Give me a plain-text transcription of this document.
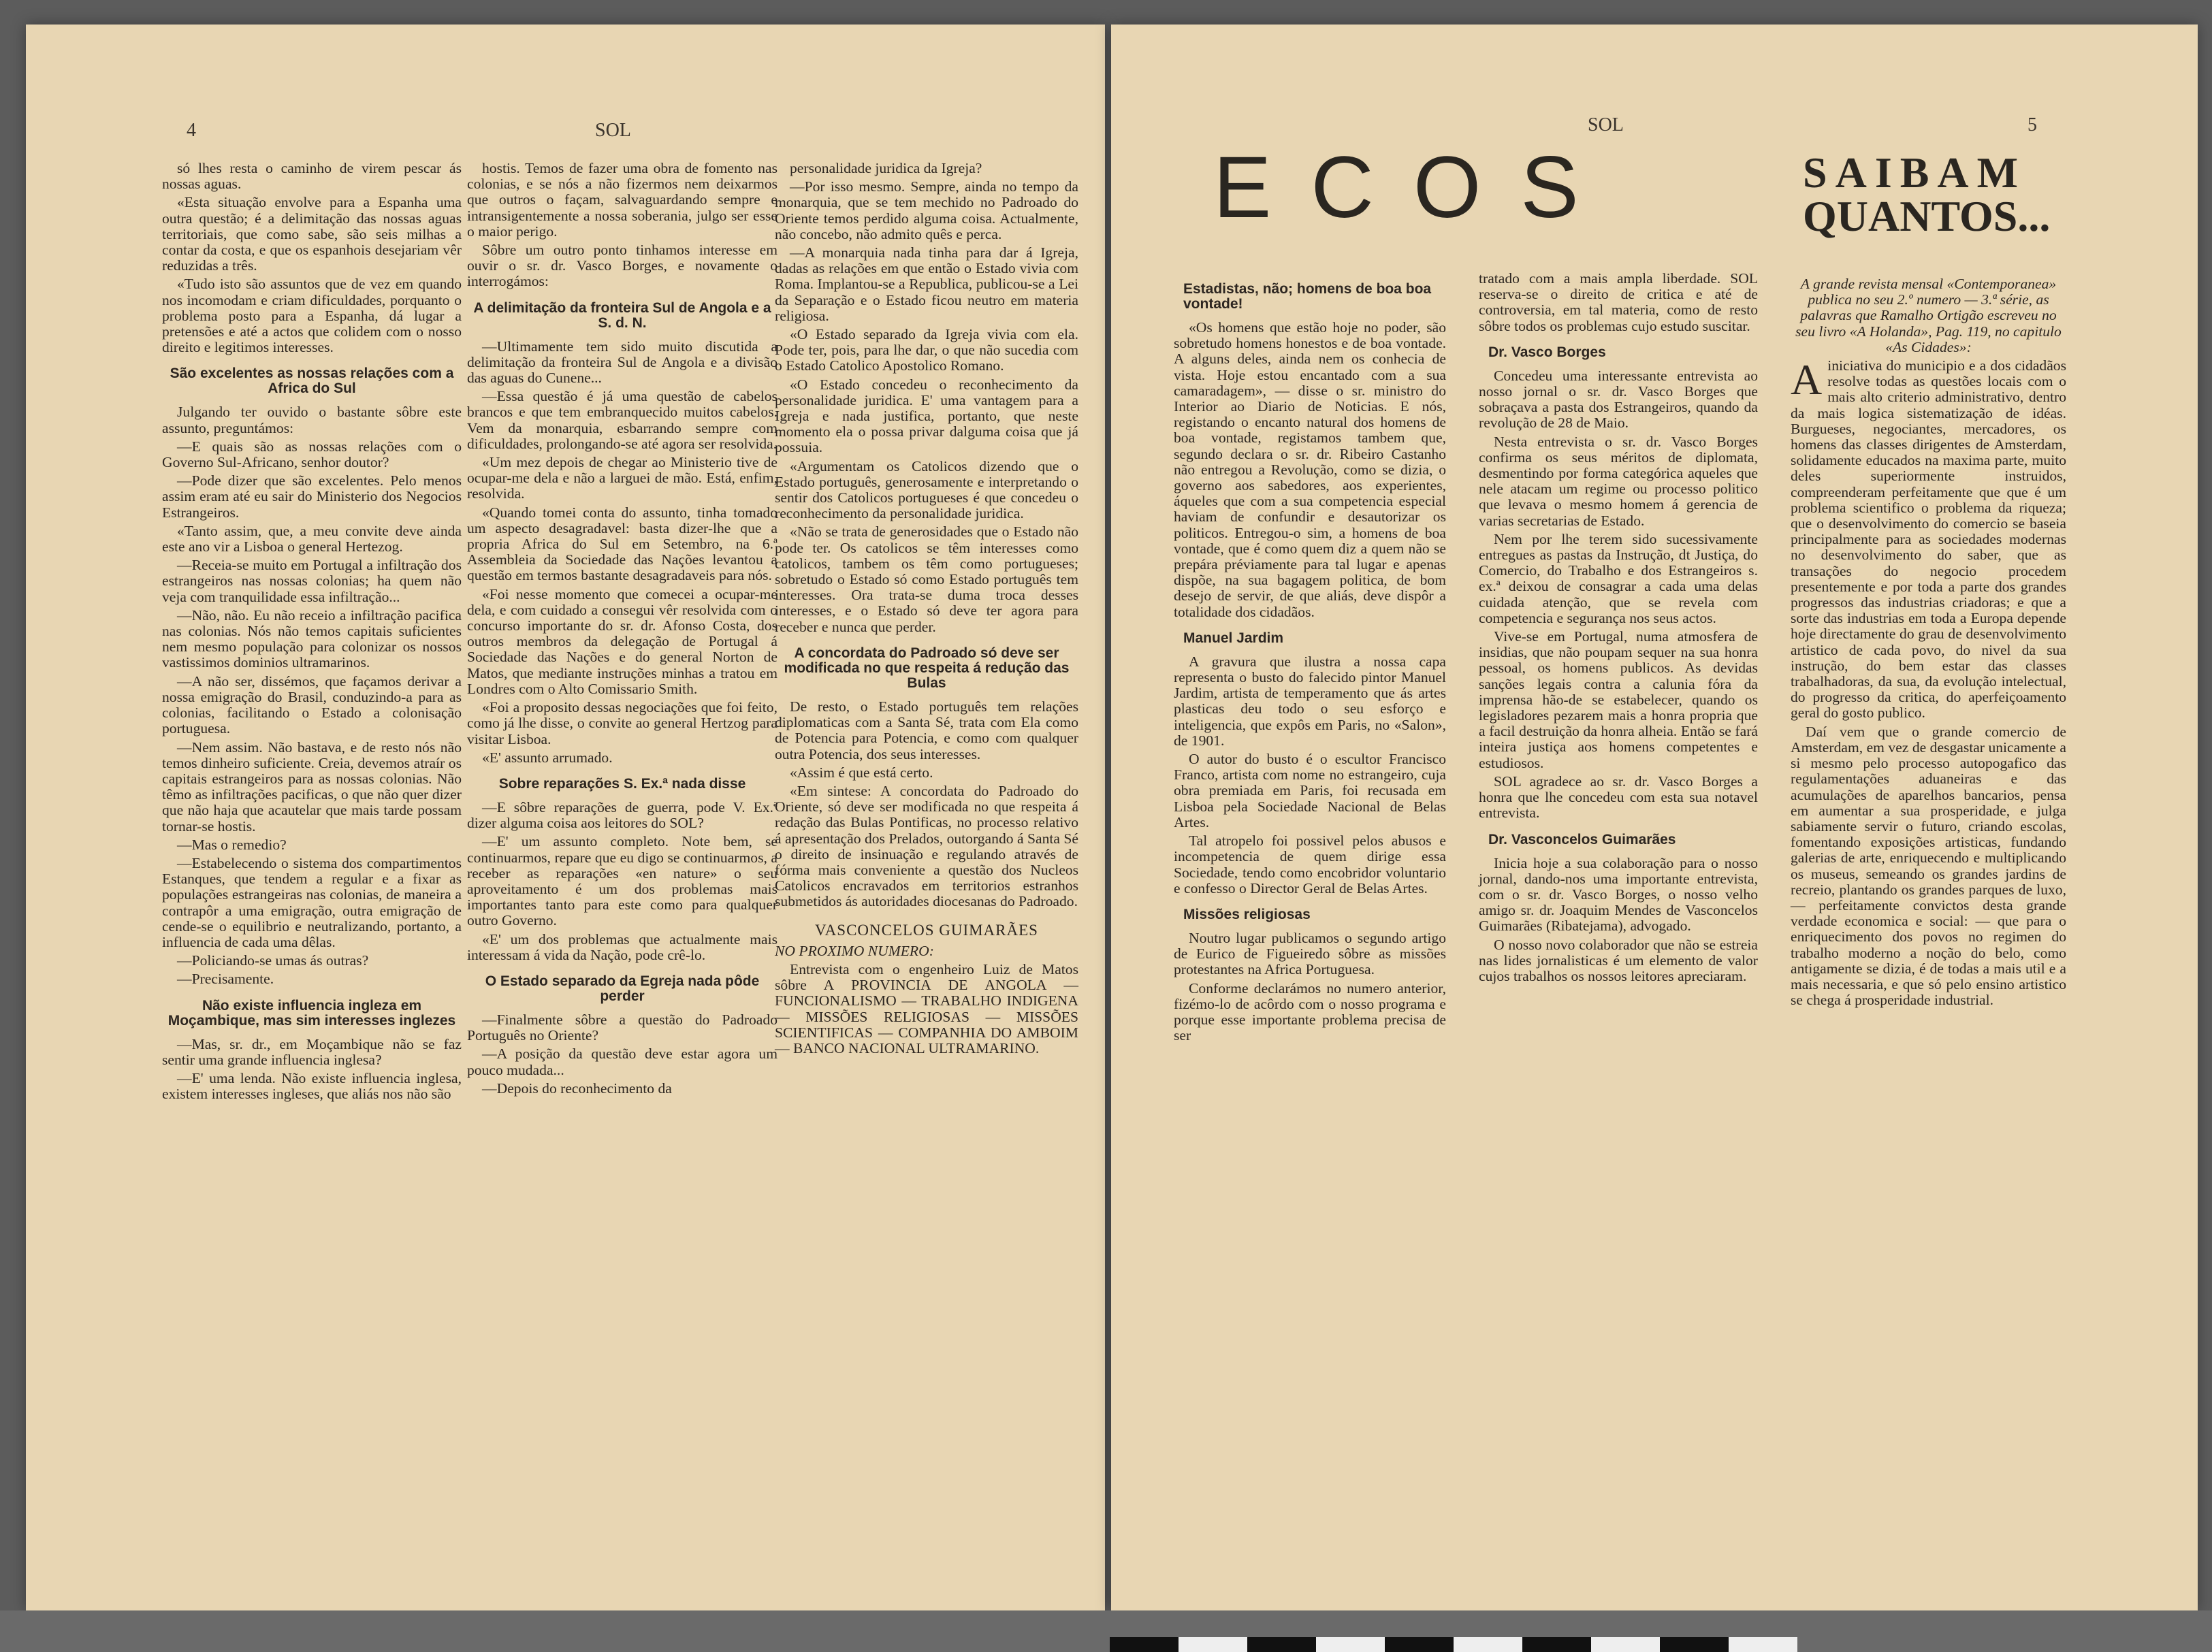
4	SOL

só lhes resta o caminho de virem pescar ás nossas aguas.

«Esta situação envolve para a Espanha uma outra questão; é a delimitação das nossas aguas territoriais, que como sabe, são seis milhas a contar da costa, e que os espanhois desejariam vêr reduzidas a três.

«Tudo isto são assuntos que de vez em quando nos incomodam e criam dificuldades, porquanto o problema posto para a Espanha, dá lugar a pretensões e até a actos que colidem com o nosso direito e legitimos interesses.

São excelentes as nossas relações com a Africa do Sul

Julgando ter ouvido o bastante sôbre este assunto, preguntámos:

—E quais são as nossas relações com o Governo Sul-Africano, senhor doutor?

—Pode dizer que são excelentes. Pelo menos assim eram até eu sair do Ministerio dos Negocios Estrangeiros.

«Tanto assim, que, a meu convite deve ainda este ano vir a Lisboa o general Hertezog.

—Receia-se muito em Portugal a infiltração dos estrangeiros nas nossas colonias; ha quem não veja com tranquilidade essa infiltração...

—Não, não. Eu não receio a infiltração pacifica nas colonias. Nós não temos capitais suficientes nem mesmo população para colonizar os nossos vastissimos dominios ultramarinos.

—A não ser, dissémos, que façamos derivar a nossa emigração do Brasil, conduzindo-a para as colonias, facilitando o Estado a colonisação portuguesa.

—Nem assim. Não bastava, e de resto nós não temos dinheiro suficiente. Creia, devemos atraír os capitais estrangeiros para as nossas colonias. Não têmo as infiltrações pacificas, o que não quer dizer que não haja que acautelar que mais tarde possam tornar-se hostis.

—Mas o remedio?

—Estabelecendo o sistema dos compartimentos Estanques, que tendem a regular e a fixar as populações estrangeiras nas colonias, de maneira a contrapôr a uma emigração, outra emigração de cende-se o equilibrio e neutralizando, portanto, a influencia de cada uma dêlas.

—Policiando-se umas ás outras?

—Precisamente.

Não existe influencia ingleza em Moçambique, mas sim interesses inglezes

—Mas, sr. dr., em Moçambique não se faz sentir uma grande influencia inglesa?

—E' uma lenda. Não existe influencia inglesa, existem interesses ingleses, que aliás nos não são

hostis. Temos de fazer uma obra de fomento nas colonias, e se nós a não fizermos nem deixarmos que outros o façam, salvaguardando sempre e intransigentemente a nossa soberania, julgo ser esse o maior perigo.

Sôbre um outro ponto tinhamos interesse em ouvir o sr. dr. Vasco Borges, e novamente o interrogámos:

A delimitação da fronteira Sul de Angola e a S. d. N.

—Ultimamente tem sido muito discutida a delimitação da fronteira Sul de Angola e a divisão das aguas do Cunene...

—Essa questão é já uma questão de cabelos brancos e que tem embranquecido muitos cabelos. Vem da monarquia, esbarrando sempre com dificuldades, prolongando-se até agora ser resolvida.

«Um mez depois de chegar ao Ministerio tive de ocupar-me dela e não a larguei de mão. Está, enfim, resolvida.

«Quando tomei conta do assunto, tinha tomado um aspecto desagradavel: basta dizer-lhe que a propria Africa do Sul em Setembro, na 6.ª Assembleia da Sociedade das Nações levantou a questão em termos bastante desagradaveis para nós.

«Foi nesse momento que comecei a ocupar-me dela, e com cuidado a consegui vêr resolvida com o concurso importante do sr. dr. Afonso Costa, dos outros membros da delegação de Portugal á Sociedade das Nações e do general Norton de Matos, que mediante instruções minhas a tratou em Londres com o Alto Comissario Smith.

«Foi a proposito dessas negociações que foi feito, como já lhe disse, o convite ao general Hertzog para visitar Lisboa.

«E' assunto arrumado.

Sobre reparações S. Ex.ª nada disse

—E sôbre reparações de guerra, pode V. Ex.ª dizer alguma coisa aos leitores do SOL?

—E' um assunto completo. Note bem, se continuarmos, repare que eu digo se continuarmos, a receber as reparações «en nature» o seu aproveitamento é um dos problemas mais importantes tanto para este como para qualquer outro Governo.

«E' um dos problemas que actualmente mais interessam á vida da Nação, pode crê-lo.

O Estado separado da Egreja nada pôde perder

—Finalmente sôbre a questão do Padroado Português no Oriente?

—A posição da questão deve estar agora um pouco mudada...

—Depois do reconhecimento da

personalidade juridica da Igreja?

—Por isso mesmo. Sempre, ainda no tempo da monarquia, que se tem mechido no Padroado do Oriente temos perdido alguma coisa. Actualmente, não concebo, não admito quês e perca.

—A monarquia nada tinha para dar á Igreja, dadas as relações em que então o Estado vivia com Roma. Implantou-se a Republica, publicou-se a Lei da Separação e o Estado ficou neutro em materia religiosa.

«O Estado separado da Igreja vivia com ela. Pode ter, pois, para lhe dar, o que não sucedia com o Estado Catolico Apostolico Romano.

«O Estado concedeu o reconhecimento da personalidade juridica. E' uma vantagem para a Igreja e nada justifica, portanto, que neste momento ela o possa privar dalguma coisa que já possuia.

«Argumentam os Catolicos dizendo que o Estado português, generosamente e interpretando o sentir dos Catolicos portugueses é que concedeu o reconhecimento da personalidade juridica.

«Não se trata de generosidades que o Estado não pode ter. Os catolicos se têm interesses como catolicos, tambem os têm como portugueses; sobretudo o Estado só como Estado português tem interesses. Ora trata-se duma troca desses interesses, e o Estado só deve ter agora para receber e nunca que perder.

A concordata do Padroado só deve ser modificada no que respeita á redução das Bulas

De resto, o Estado português tem relações diplomaticas com a Santa Sé, trata com Ela como de Potencia para Potencia, e como com qualquer outra Potencia, dos seus interesses.

«Assim é que está certo.

«Em sintese: A concordata do Padroado do Oriente, só deve ser modificada no que respeita á redação das Bulas Pontificas, no processo relativo á apresentação dos Prelados, outorgando á Santa Sé o direito de insinuação e regulando através de fórma mais conveniente a questão dos Nucleos Catolicos encravados em territorios estranhos submetidos ás autoridades diocesanas do Padroado.

VASCONCELOS GUIMARÃES

NO PROXIMO NUMERO:

Entrevista com o engenheiro Luiz de Matos sôbre A PROVINCIA DE ANGOLA — FUNCIONALISMO — TRABALHO INDIGENA — MISSÕES RELIGIOSAS — MISSÕES SCIENTIFICAS — COMPANHIA DO AMBOIM — BANCO NACIONAL ULTRAMARINO.

SOL	5
Estadistas, não; homens de boa boa vontade!

«Os homens que estão hoje no poder, são sobretudo homens honestos e de boa vontade. A alguns deles, ainda nem os conhecia de vista. Hoje estou encantado com a sua camaradagem», — disse o sr. ministro do Interior ao Diario de Noticias. E nós, registando o encanto natural dos homens de boa vontade, registamos tambem que, segundo declara o sr. dr. Ribeiro Castanho não entregou a Revolução, como se dizia, o governo aos sabedores, aos experientes, áqueles que com a sua competencia especial haviam de confundir e desautorizar os politicos. Entregou-o sim, a homens de boa vontade, que é como quem diz a quem não se prepára préviamente para tal lugar e apenas dispõe, na sua bagagem politica, de bom desejo de servir, de que aliás, deve dispôr a totalidade dos cidadãos.

Manuel Jardim

A gravura que ilustra a nossa capa representa o busto do falecido pintor Manuel Jardim, artista de temperamento que ás artes plasticas deu todo o seu esforço e inteligencia, que expôs em Paris, no «Salon», de 1901.

O autor do busto é o escultor Francisco Franco, artista com nome no estrangeiro, cuja obra premiada em Paris, foi recusada em Lisboa pela Sociedade Nacional de Belas Artes.

Tal atropelo foi possivel pelos abusos e incompetencia de quem dirige essa Sociedade, tendo como encobridor voluntario e confesso o Director Geral de Belas Artes.

Missões religiosas

Noutro lugar publicamos o segundo artigo de Eurico de Figueiredo sôbre as missões protestantes na Africa Portuguesa.

Conforme declarámos no numero anterior, fizémo-lo de acôrdo com o nosso programa e porque esse importante problema precisa de ser

tratado com a mais ampla liberdade. SOL reserva-se o direito de critica e até de controversia, em tal materia, como de resto sôbre todos os problemas cujo estudo suscitar.

Dr. Vasco Borges

Concedeu uma interessante entrevista ao nosso jornal o sr. dr. Vasco Borges que sobraçava a pasta dos Estrangeiros, quando da revolução de 28 de Maio.

Nesta entrevista o sr. dr. Vasco Borges confirma os seus méritos de diplomata, desmentindo por forma categórica aqueles que nele atacam um regime ou processo politico que levava o mesmo homem á gerencia de varias secretarias de Estado.

Nem por lhe terem sido sucessivamente entregues as pastas da Instrução, dt Justiça, do Comercio, do Trabalho e dos Estrangeiros s. ex.ª deixou de consagrar a cada uma delas cuidada atenção, que se revela com competencia e segurança nos seus actos.

Vive-se em Portugal, numa atmosfera de insidias, que não poupam sequer na sua honra pessoal, os homens publicos. As devidas sanções legais contra a calunia fóra da imprensa hão-de se estabelecer, quando os legisladores pezarem mais a honra propria que a facil destruição da honra alheia. Então se fará inteira justiça aos homens competentes e estudiosos.

SOL agradece ao sr. dr. Vasco Borges a honra que lhe concedeu com esta sua notavel entrevista.

Dr. Vasconcelos Guimarães

Inicia hoje a sua colaboração para o nosso jornal, dando-nos uma importante entrevista, com o sr. dr. Vasco Borges, o nosso velho amigo sr. dr. Joaquim Mendes de Vasconcelos Guimarães (Ribatejama), advogado.

O nosso novo colaborador que não se estreia nas lides jornalisticas é um elemento de valor cujos trabalhos os nossos leitores apreciaram.

A grande revista mensal «Contemporanea» publica no seu 2.º numero — 3.ª série, as palavras que Ramalho Ortigão escreveu no seu livro «A Holanda», Pag. 119, no capitulo «As Cidades»:

Ainiciativa do municipio e a dos cidadãos resolve todas as questões locais com o mais alto criterio administrativo, dentro da mais logica sistematização de idéas. Burgueses, negociantes, mercadores, os homens das classes dirigentes de Amsterdam, solidamente educados na maxima parte, muito deles superiormente instruidos, compreenderam perfeitamente que que é um problema scientifico o problema da riqueza; que o desenvolvimento do comercio se baseia principalmente para as sociedades modernas no desenvolvimento do saber, que as transações do negocio procedem presentemente e por toda a parte dos grandes progressos das industrias criadoras; e que a sorte das industrias em toda a Europa depende hoje directamente do grau de desenvolvimento artistico de cada povo, do nivel da sua instrução, do bem estar das classes trabalhadoras, da sua, da evolução intelectual, do progresso da critica, do aperfeiçoamento geral do gosto publico.

Daí vem que o grande comercio de Amsterdam, em vez de desgastar unicamente a si mesmo pelo processo autopogafico das regulamentações aduaneiras e das acumulações de aparelhos bancarios, pensa em aumentar a sua prosperidade, e julga sabiamente servir o futuro, criando escolas, fomentando exposições artisticas, fundando galerias de arte, enriquecendo e multiplicando os museus, semeando os grandes jardins de recreio, plantando os grandes parques de luxo, — perfeitamente convictos desta grande verdade economica e social: — que para o enriquecimento dos povos no regimen do trabalho moderno a noção do belo, como antigamente se dizia, é de todas a mais util e a mais necessaria, e que só pelo ensino artistico se chega á prosperidade industrial.

ECOS	SAIBAM
QUANTOS...
